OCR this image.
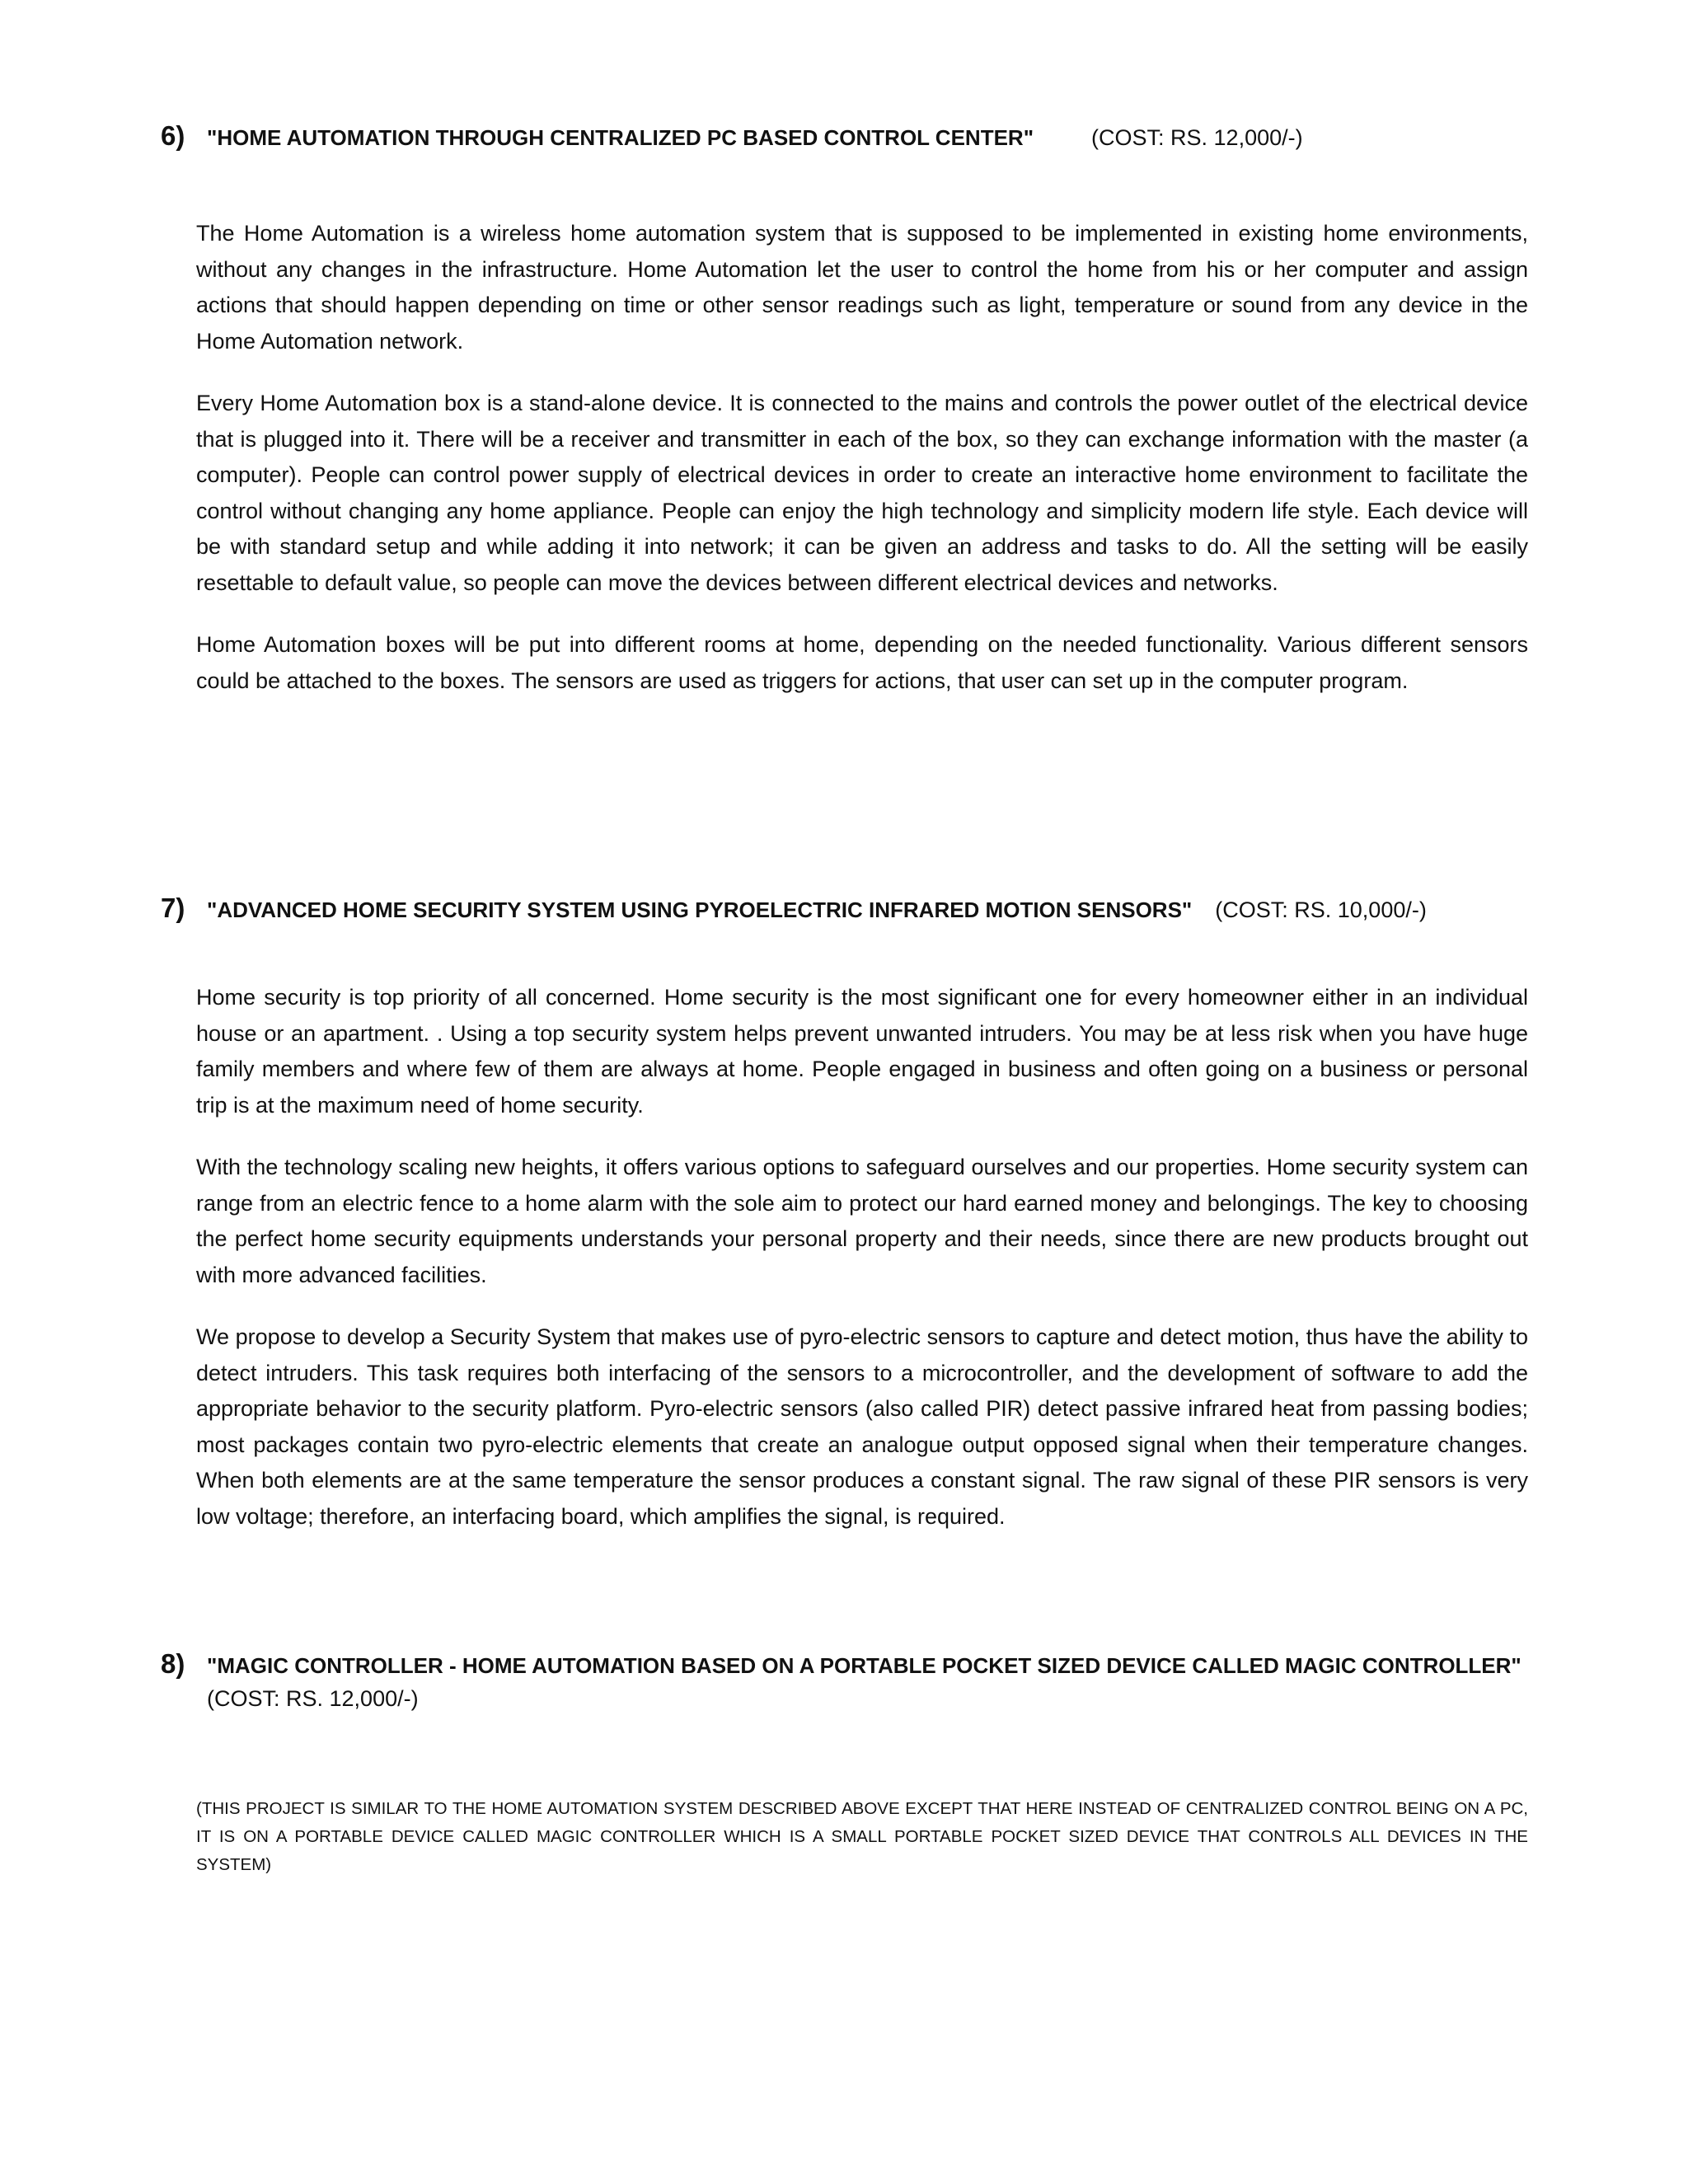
6)	"HOME AUTOMATION THROUGH CENTRALIZED PC BASED CONTROL CENTER"	(COST: RS. 12,000/-)

The Home Automation is a wireless home automation system that is supposed to be implemented in existing home environments, without any changes in the infrastructure. Home Automation let the user to control the home from his or her computer and assign actions that should happen depending on time or other sensor readings such as light, temperature or sound from any device in the Home Automation network.

Every Home Automation box is a stand-alone device. It is connected to the mains and controls the power outlet of the electrical device that is plugged into it. There will be a receiver and transmitter in each of the box, so they can exchange information with the master (a computer). People can control power supply of electrical devices in order to create an interactive home environment to facilitate the control without changing any home appliance. People can enjoy the high technology and simplicity modern life style. Each device will be with standard setup and while adding it into network; it can be given an address and tasks to do. All the setting will be easily resettable to default value, so people can move the devices between different electrical devices and networks.

Home Automation boxes will be put into different rooms at home, depending on the needed functionality. Various different sensors could be attached to the boxes. The sensors are used as triggers for actions, that user can set up in the computer program.

7)	"ADVANCED HOME SECURITY SYSTEM USING PYROELECTRIC INFRARED MOTION SENSORS" (COST: RS. 10,000/-)

Home security is top priority of all concerned. Home security is the most significant one for every homeowner either in an individual house or an apartment. . Using a top security system helps prevent unwanted intruders. You may be at less risk when you have huge family members and where few of them are always at home. People engaged in business and often going on a business or personal trip is at the maximum need of home security.

With the technology scaling new heights, it offers various options to safeguard ourselves and our properties. Home security system can range from an electric fence to a home alarm with the sole aim to protect our hard earned money and belongings. The key to choosing the perfect home security equipments understands your personal property and their needs, since there are new products brought out with more advanced facilities.

We propose to develop a Security System that makes use of pyro-electric sensors to capture and detect motion, thus have the ability to detect intruders. This task requires both interfacing of the sensors to a microcontroller, and the development of software to add the appropriate behavior to the security platform. Pyro-electric sensors (also called PIR) detect passive infrared heat from passing bodies; most packages contain two pyro-electric elements that create an analogue output opposed signal when their temperature changes. When both elements are at the same temperature the sensor produces a constant signal. The raw signal of these PIR sensors is very low voltage; therefore, an interfacing board, which amplifies the signal, is required.

8)	"MAGIC CONTROLLER - HOME AUTOMATION BASED ON A PORTABLE POCKET SIZED DEVICE CALLED MAGIC CONTROLLER"
(COST: RS. 12,000/-)

(THIS PROJECT IS SIMILAR TO THE HOME AUTOMATION SYSTEM DESCRIBED ABOVE EXCEPT THAT HERE INSTEAD OF CENTRALIZED CONTROL BEING ON A PC, IT IS ON A PORTABLE DEVICE CALLED MAGIC CONTROLLER WHICH IS A SMALL PORTABLE POCKET SIZED DEVICE THAT CONTROLS ALL DEVICES IN THE SYSTEM)
